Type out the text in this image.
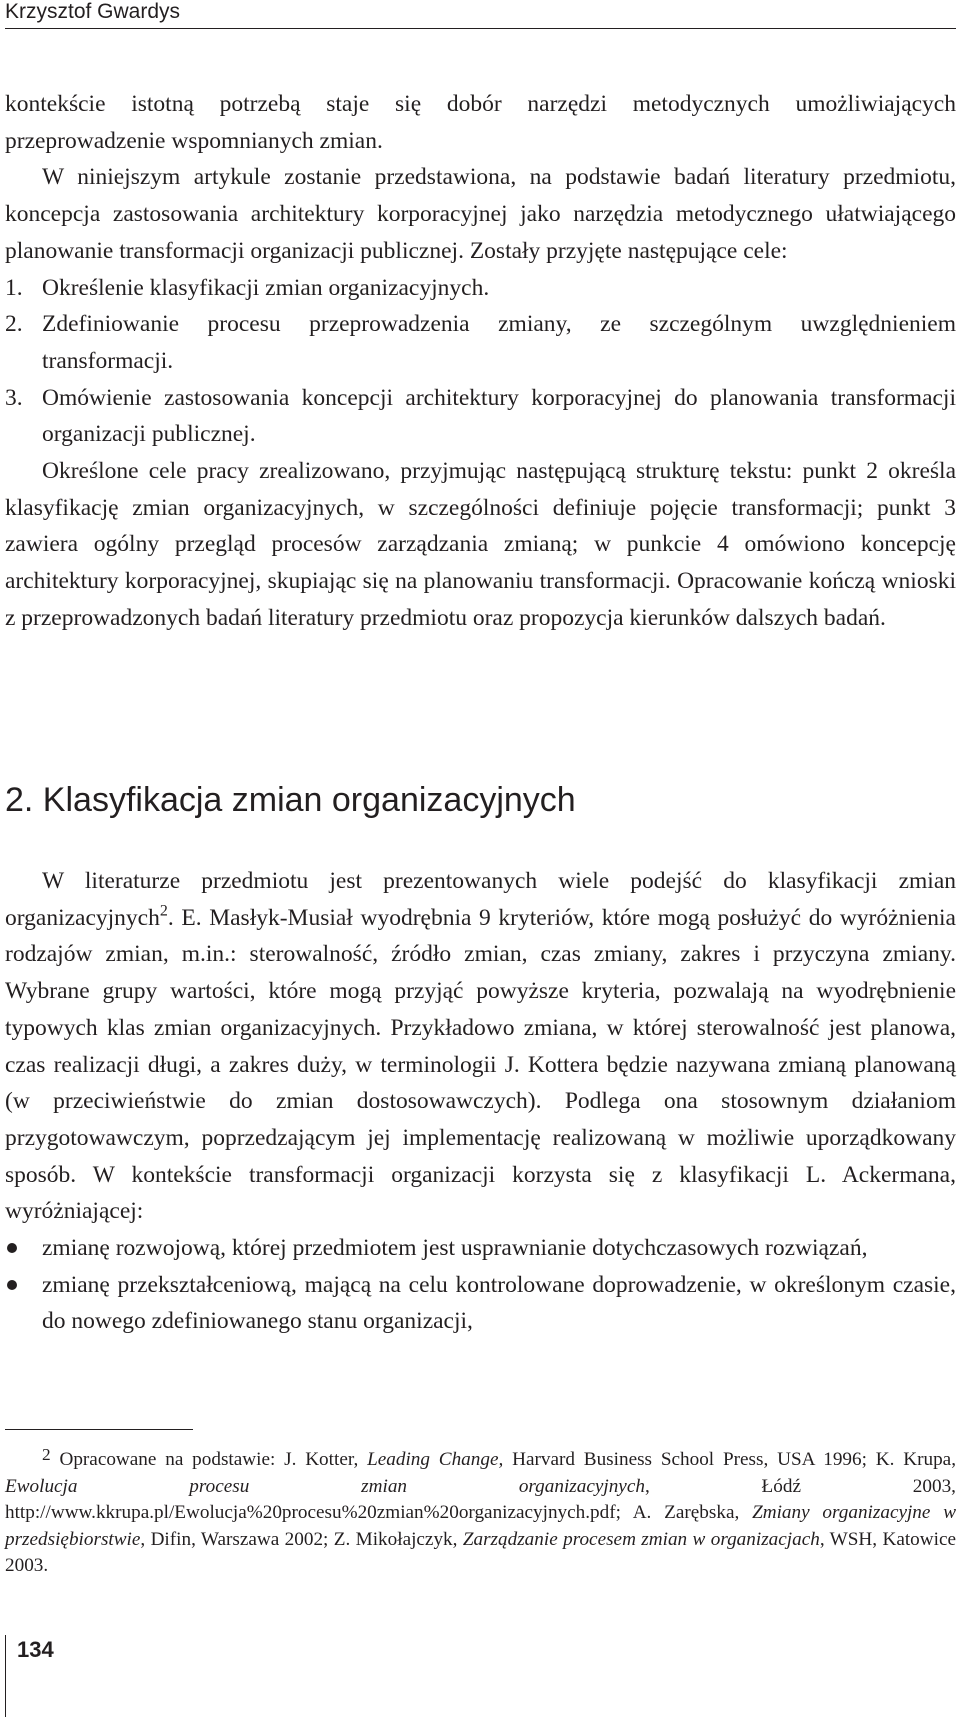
Krzysztof Gwardys
kontekście istotną potrzebą staje się dobór narzędzi metodycznych umożliwiających przeprowadzenie wspomnianych zmian.
W niniejszym artykule zostanie przedstawiona, na podstawie badań literatury przedmiotu, koncepcja zastosowania architektury korporacyjnej jako narzędzia metodycznego ułatwiającego planowanie transformacji organizacji publicznej. Zostały przyjęte następujące cele:
1. Określenie klasyfikacji zmian organizacyjnych.
2. Zdefiniowanie procesu przeprowadzenia zmiany, ze szczególnym uwzględnieniem transformacji.
3. Omówienie zastosowania koncepcji architektury korporacyjnej do planowania transformacji organizacji publicznej.
Określone cele pracy zrealizowano, przyjmując następującą strukturę tekstu: punkt 2 określa klasyfikację zmian organizacyjnych, w szczególności definiuje pojęcie transformacji; punkt 3 zawiera ogólny przegląd procesów zarządzania zmianą; w punkcie 4 omówiono koncepcję architektury korporacyjnej, skupiając się na planowaniu transformacji. Opracowanie kończą wnioski z przeprowadzonych badań literatury przedmiotu oraz propozycja kierunków dalszych badań.
2. Klasyfikacja zmian organizacyjnych
W literaturze przedmiotu jest prezentowanych wiele podejść do klasyfikacji zmian organizacyjnych$^2$. E. Masłyk-Musiał wyodrębnia 9 kryteriów, które mogą posłużyć do wyróżnienia rodzajów zmian, m.in.: sterowalność, źródło zmian, czas zmiany, zakres i przyczyna zmiany. Wybrane grupy wartości, które mogą przyjąć powyższe kryteria, pozwalają na wyodrębnienie typowych klas zmian organizacyjnych. Przykładowo zmiana, w której sterowalność jest planowa, czas realizacji długi, a zakres duży, w terminologii J. Kottera będzie nazywana zmianą planowaną (w przeciwieństwie do zmian dostosowawczych). Podlega ona stosownym działaniom przygotowawczym, poprzedzającym jej implementację realizowaną w możliwie uporządkowany sposób. W kontekście transformacji organizacji korzysta się z klasyfikacji L. Ackermana, wyróżniającej:
zmianę rozwojową, której przedmiotem jest usprawnianie dotychczasowych rozwiązań,
zmianę przekształceniową, mającą na celu kontrolowane doprowadzenie, w określonym czasie, do nowego zdefiniowanego stanu organizacji,

2 Opracowane na podstawie: J. Kotter, Leading Change, Harvard Business School Press, USA 1996; K. Krupa, Ewolucja procesu zmian organizacyjnych, Łódź 2003, http://www.kkrupa.pl/Ewolucja%20procesu%20zmian%20organizacyjnych.pdf; A. Zarębska, Zmiany organizacyjne w przedsiębiorstwie, Difin, Warszawa 2002; Z. Mikołajczyk, Zarządzanie procesem zmian w organizacjach, WSH, Katowice 2003.

134
